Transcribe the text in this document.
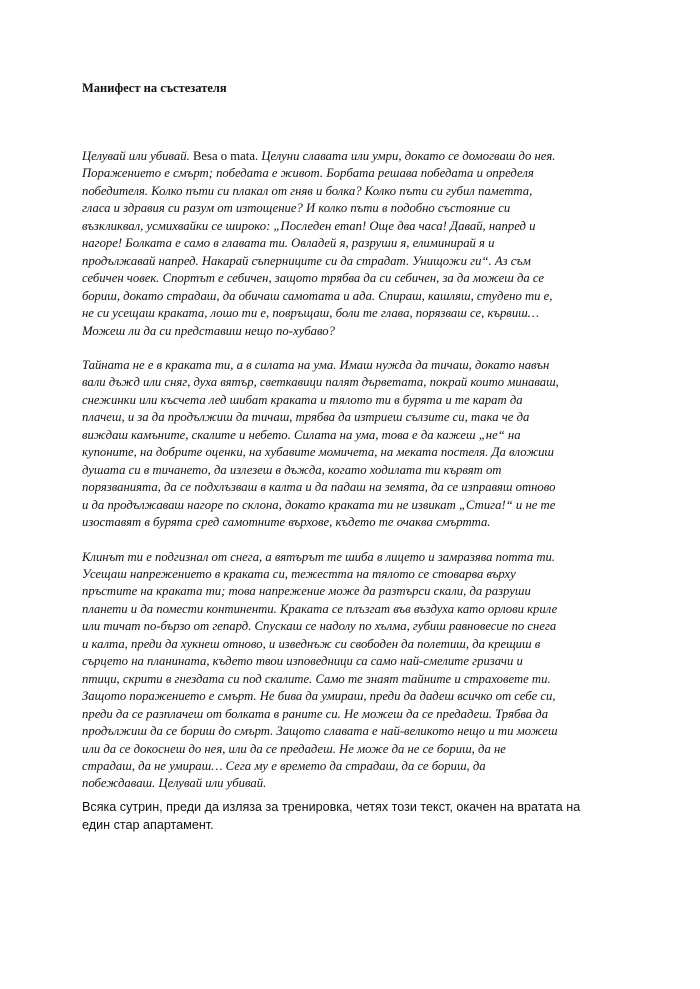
Манифест на състезателя

Целувай или убивай. Besa o mata. Целуни славата или умри, докато се домогваш до нея.
Поражението е смърт; победата е живот. Борбата решава победата и определя
победителя. Колко пъти си плакал от гняв и болка? Колко пъти си губил паметта,
гласа и здравия си разум от изтощение? И колко пъти в подобно състояние си
възкликвал, усмихвайки се широко: „Последен етап! Още два часа! Давай, напред и
нагоре! Болката е само в главата ти. Овладей я, разруши я, елиминирай я и
продължавай напред. Накарай съперниците си да страдат. Унищожи ги“. Аз съм
себичен човек. Спортът е себичен, защото трябва да си себичен, за да можеш да се
бориш, докато страдаш, да обичаш самотата и ада. Спираш, кашляш, студено ти е,
не си усещаш краката, лошо ти е, повръщаш, боли те глава, порязваш се, кървиш…
Можеш ли да си представиш нещо по-хубаво?

Тайната не е в краката ти, а в силата на ума. Имаш нужда да тичаш, докато навън
вали дъжд или сняг, духа вятър, светкавици палят дърветата, покрай които минаваш,
снежинки или късчета лед шибат краката и тялото ти в бурята и те карат да
плачеш, и за да продължиш да тичаш, трябва да изтриеш сълзите си, така че да
виждаш камъните, скалите и небето. Силата на ума, това е да кажеш „не“ на
купоните, на добрите оценки, на хубавите момичета, на меката постеля. Да вложиш
душата си в тичането, да излезеш в дъжда, когато ходилата ти кървят от
порязванията, да се подхлъзваш в калта и да падаш на земята, да се изправяш отново
и да продължаваш нагоре по склона, докато краката ти не извикат „Стига!“ и не те
изоставят в бурята сред самотните върхове, където те очаква смъртта.

Клинът ти е подгизнал от снега, а вятърът те шиба в лицето и замразява потта ти.
Усещаш напрежението в краката си, тежестта на тялото се стоварва върху
пръстите на краката ти; това напрежение може да разтърси скали, да разруши
планети и да помести континенти. Краката се плъзгат във въздуха като орлови криле
или тичат по-бързо от гепард. Спускаш се надолу по хълма, губиш равновесие по снега
и калта, преди да хукнеш отново, и изведнъж си свободен да полетиш, да крещиш в
сърцето на планината, където твои изповедници са само най-смелите гризачи и
птици, скрити в гнездата си под скалите. Само те знаят тайните и страховете ти.
Защото поражението е смърт. Не бива да умираш, преди да дадеш всичко от себе си,
преди да се разплачеш от болката в раните си. Не можеш да се предадеш. Трябва да
продължиш да се бориш до смърт. Защото славата е най-великото нещо и ти можеш
или да се докоснеш до нея, или да се предадеш. Не може да не се бориш, да не
страдаш, да не умираш… Сега му е времето да страдаш, да се бориш, да
побеждаваш. Целувай или убивай.

Всяка сутрин, преди да изляза за тренировка, четях този текст, окачен на вратата на
един стар апартамент.
